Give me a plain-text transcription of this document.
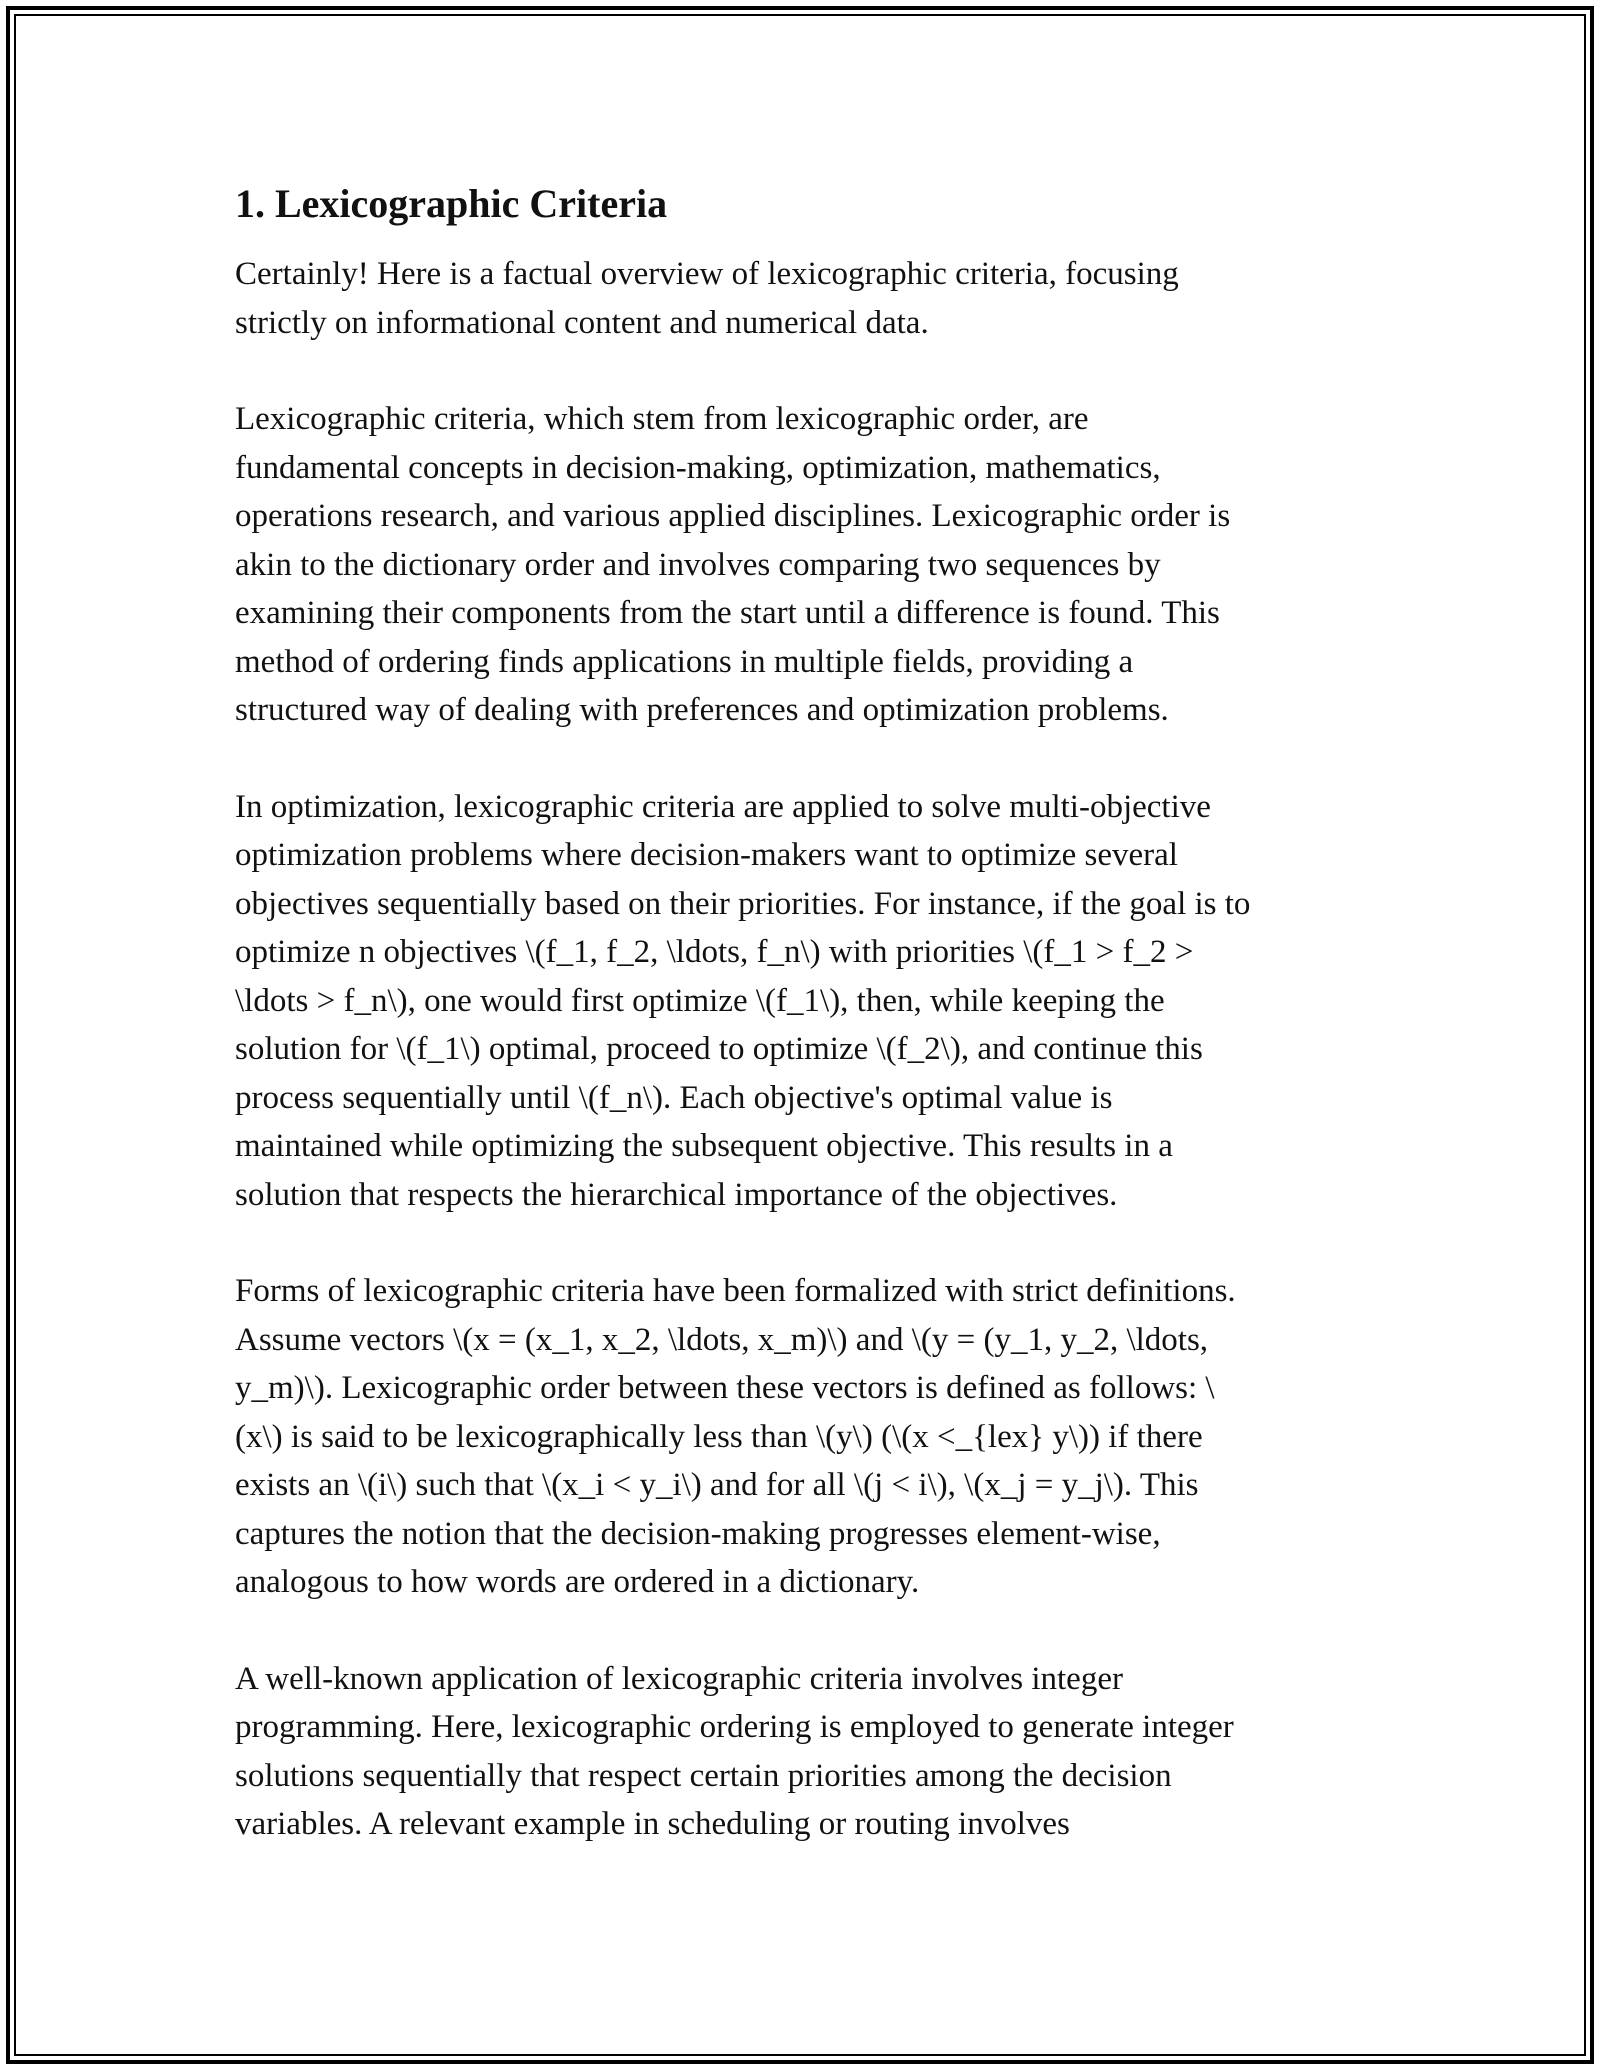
1. Lexicographic Criteria

Certainly! Here is a factual overview of lexicographic criteria, focusing
strictly on informational content and numerical data.

Lexicographic criteria, which stem from lexicographic order, are
fundamental concepts in decision-making, optimization, mathematics,
operations research, and various applied disciplines. Lexicographic order is
akin to the dictionary order and involves comparing two sequences by
examining their components from the start until a difference is found. This
method of ordering finds applications in multiple fields, providing a
structured way of dealing with preferences and optimization problems.

In optimization, lexicographic criteria are applied to solve multi-objective
optimization problems where decision-makers want to optimize several
objectives sequentially based on their priorities. For instance, if the goal is to
optimize n objectives \(f_1, f_2, \ldots, f_n\) with priorities \(f_1 > f_2 >
\ldots > f_n\), one would first optimize \(f_1\), then, while keeping the
solution for \(f_1\) optimal, proceed to optimize \(f_2\), and continue this
process sequentially until \(f_n\). Each objective's optimal value is
maintained while optimizing the subsequent objective. This results in a
solution that respects the hierarchical importance of the objectives.

Forms of lexicographic criteria have been formalized with strict definitions.
Assume vectors \(x = (x_1, x_2, \ldots, x_m)\) and \(y = (y_1, y_2, \ldots,
y_m)\). Lexicographic order between these vectors is defined as follows: \
(x\) is said to be lexicographically less than \(y\) (\(x <_{lex} y\)) if there
exists an \(i\) such that \(x_i < y_i\) and for all \(j < i\), \(x_j = y_j\). This
captures the notion that the decision-making progresses element-wise,
analogous to how words are ordered in a dictionary.

A well-known application of lexicographic criteria involves integer
programming. Here, lexicographic ordering is employed to generate integer
solutions sequentially that respect certain priorities among the decision
variables. A relevant example in scheduling or routing involves
